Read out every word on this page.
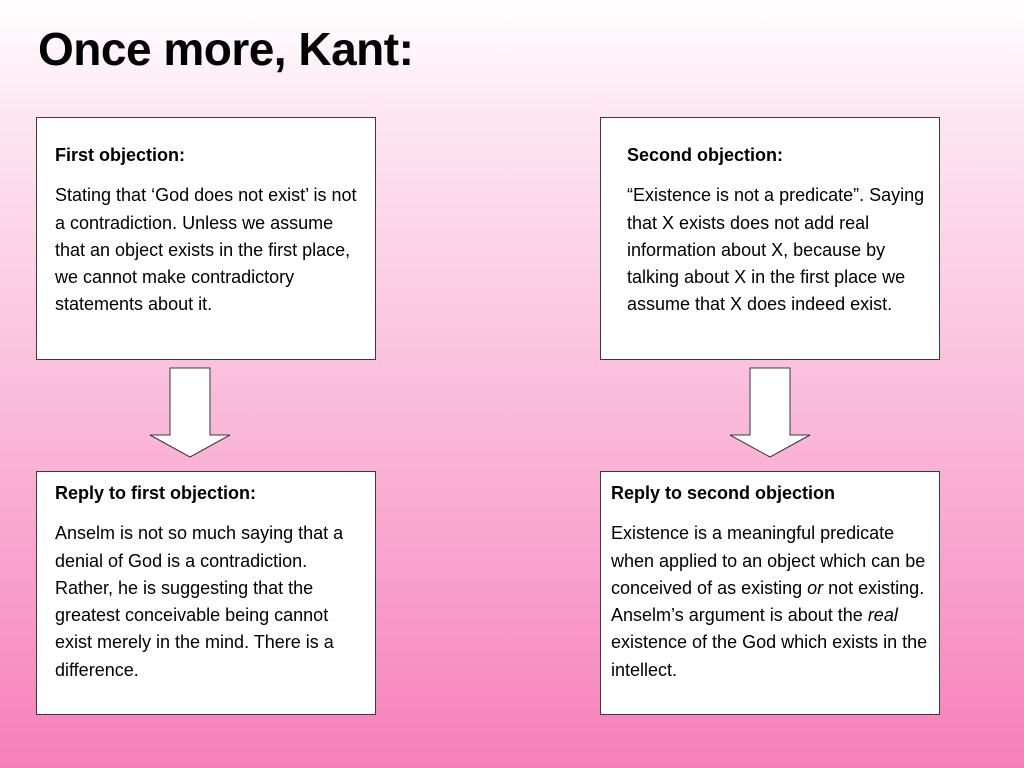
Once more, Kant:

First objection:

Stating that ‘God does not exist’ is not a contradiction. Unless we assume that an object exists in the first place, we cannot make contradictory statements about it.

Second objection:

“Existence is not a predicate”. Saying that X exists does not add real information about X, because by talking about X in the first place we assume that X does indeed exist.

Reply to first objection:

Anselm is not so much saying that a denial of God is a contradiction. Rather, he is suggesting that the greatest conceivable being cannot exist merely in the mind. There is a difference.

Reply to second objection

Existence is a meaningful predicate when applied to an object which can be conceived of as existing or not existing. Anselm’s argument is about the real existence of the God which exists in the intellect.
